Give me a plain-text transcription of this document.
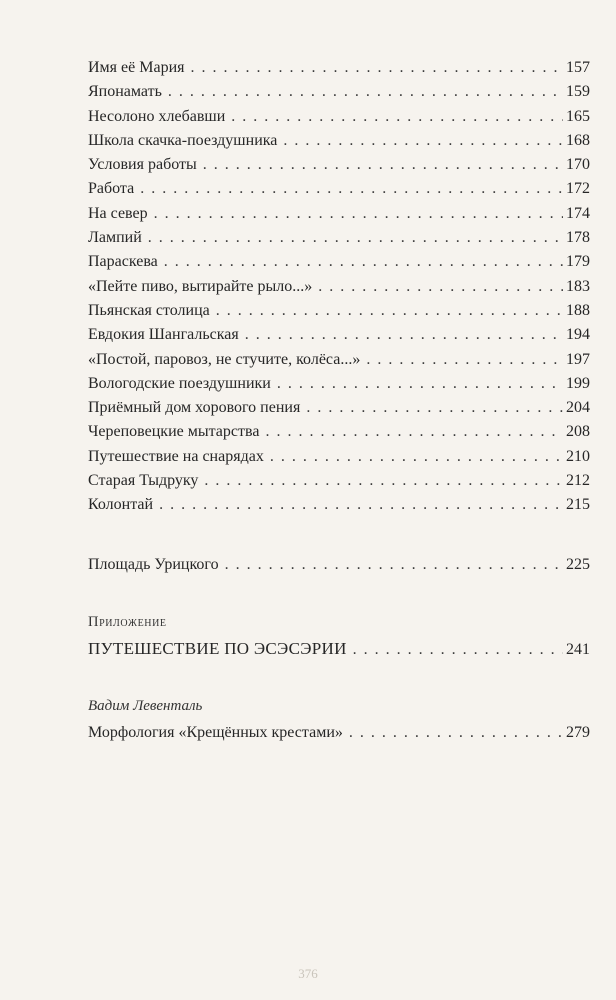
Имя её Мария . . .	157
Японамать . . .	159
Несолоно хлебавши . . .	165
Школа скачка-поездушника . . .	168
Условия работы . . .	170
Работа . . .	172
На север . . .	174
Лампий . . .	178
Параскева . . .	179
«Пейте пиво, вытирайте рыло...» . . .	183
Пьянская столица . . .	188
Евдокия Шангальская . . .	194
«Постой, паровоз, не стучите, колёса...» . . .	197
Вологодские поездушники . . .	199
Приёмный дом хорового пения . . .	204
Череповецкие мытарства . . .	208
Путешествие на снарядах . . .	210
Старая Тыдруку . . .	212
Колонтай . . .	215
Площадь Урицкого . . .	225
Приложение
ПУТЕШЕСТВИЕ ПО ЭСЭСЭРИИ . . .	241
Вадим Левенталь
Морфология «Крещённых крестами» . . .	279
376
